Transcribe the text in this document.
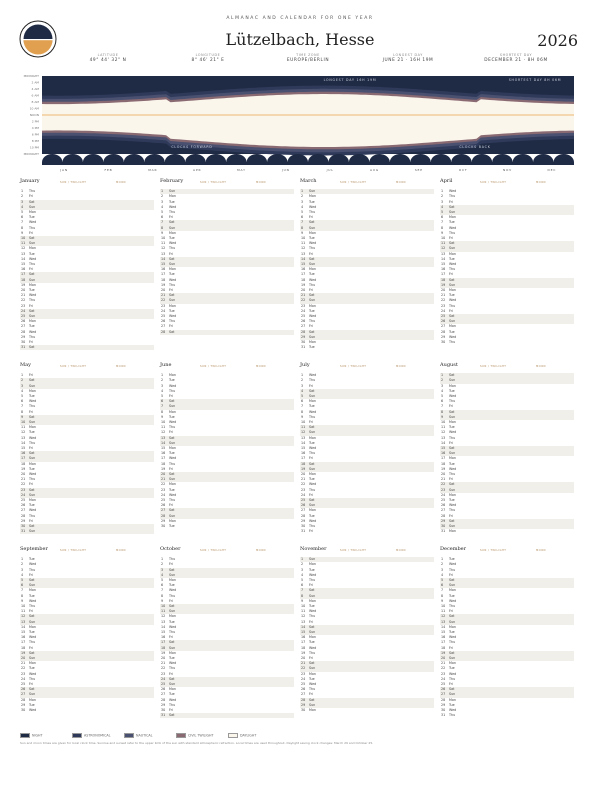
ALMANAC AND CALENDAR FOR ONE YEAR
Lützelbach, Hesse	2026
LATITUDE
49° 44' 32" N
LONGITUDE
8° 46' 21" E
TIME ZONE
EUROPE/BERLIN
LONGEST DAY
JUNE 21 · 16H 19M
SHORTEST DAY
DECEMBER 21 · 8H 06M
MIDNIGHT
2 AM
4 AM
6 AM
8 AM
10 AM
NOON
2 PM
4 PM
6 PM
8 PM
10 PM
MIDNIGHT
JAN	FEB	MAR	APR	MAY	JUN	JUL	AUG	SEP	OCT	NOV	DEC
LONGEST DAY 16H 19M	SHORTEST DAY 8H 06M
CLOCKS FORWARD	CLOCKS BACK
January	SUN / TWILIGHT	MOON
1 Thu
2 Fri
3 Sat
4 Sun
5 Mon
6 Tue
7 Wed
8 Thu
9 Fri
10 Sat
11 Sun
12 Mon
13 Tue
14 Wed
15 Thu
16 Fri
17 Sat
18 Sun
19 Mon
20 Tue
21 Wed
22 Thu
23 Fri
24 Sat
25 Sun
26 Mon
27 Tue
28 Wed
29 Thu
30 Fri
31 Sat
February	SUN / TWILIGHT	MOON
1 Sun
2 Mon
3 Tue
4 Wed
5 Thu
6 Fri
7 Sat
8 Sun
9 Mon
10 Tue
11 Wed
12 Thu
13 Fri
14 Sat
15 Sun
16 Mon
17 Tue
18 Wed
19 Thu
20 Fri
21 Sat
22 Sun
23 Mon
24 Tue
25 Wed
26 Thu
27 Fri
28 Sat
March	SUN / TWILIGHT	MOON
1 Sun
2 Mon
3 Tue
4 Wed
5 Thu
6 Fri
7 Sat
8 Sun
9 Mon
10 Tue
11 Wed
12 Thu
13 Fri
14 Sat
15 Sun
16 Mon
17 Tue
18 Wed
19 Thu
20 Fri
21 Sat
22 Sun
23 Mon
24 Tue
25 Wed
26 Thu
27 Fri
28 Sat
29 Sun
30 Mon
31 Tue
April	SUN / TWILIGHT	MOON
1 Wed
2 Thu
3 Fri
4 Sat
5 Sun
6 Mon
7 Tue
8 Wed
9 Thu
10 Fri
11 Sat
12 Sun
13 Mon
14 Tue
15 Wed
16 Thu
17 Fri
18 Sat
19 Sun
20 Mon
21 Tue
22 Wed
23 Thu
24 Fri
25 Sat
26 Sun
27 Mon
28 Tue
29 Wed
30 Thu
May	SUN / TWILIGHT	MOON
1 Fri
2 Sat
3 Sun
4 Mon
5 Tue
6 Wed
7 Thu
8 Fri
9 Sat
10 Sun
11 Mon
12 Tue
13 Wed
14 Thu
15 Fri
16 Sat
17 Sun
18 Mon
19 Tue
20 Wed
21 Thu
22 Fri
23 Sat
24 Sun
25 Mon
26 Tue
27 Wed
28 Thu
29 Fri
30 Sat
31 Sun
June	SUN / TWILIGHT	MOON
1 Mon
2 Tue
3 Wed
4 Thu
5 Fri
6 Sat
7 Sun
8 Mon
9 Tue
10 Wed
11 Thu
12 Fri
13 Sat
14 Sun
15 Mon
16 Tue
17 Wed
18 Thu
19 Fri
20 Sat
21 Sun
22 Mon
23 Tue
24 Wed
25 Thu
26 Fri
27 Sat
28 Sun
29 Mon
30 Tue
July	SUN / TWILIGHT	MOON
1 Wed
2 Thu
3 Fri
4 Sat
5 Sun
6 Mon
7 Tue
8 Wed
9 Thu
10 Fri
11 Sat
12 Sun
13 Mon
14 Tue
15 Wed
16 Thu
17 Fri
18 Sat
19 Sun
20 Mon
21 Tue
22 Wed
23 Thu
24 Fri
25 Sat
26 Sun
27 Mon
28 Tue
29 Wed
30 Thu
31 Fri
August	SUN / TWILIGHT	MOON
1 Sat
2 Sun
3 Mon
4 Tue
5 Wed
6 Thu
7 Fri
8 Sat
9 Sun
10 Mon
11 Tue
12 Wed
13 Thu
14 Fri
15 Sat
16 Sun
17 Mon
18 Tue
19 Wed
20 Thu
21 Fri
22 Sat
23 Sun
24 Mon
25 Tue
26 Wed
27 Thu
28 Fri
29 Sat
30 Sun
31 Mon
September	SUN / TWILIGHT	MOON
1 Tue
2 Wed
3 Thu
4 Fri
5 Sat
6 Sun
7 Mon
8 Tue
9 Wed
10 Thu
11 Fri
12 Sat
13 Sun
14 Mon
15 Tue
16 Wed
17 Thu
18 Fri
19 Sat
20 Sun
21 Mon
22 Tue
23 Wed
24 Thu
25 Fri
26 Sat
27 Sun
28 Mon
29 Tue
30 Wed
October	SUN / TWILIGHT	MOON
1 Thu
2 Fri
3 Sat
4 Sun
5 Mon
6 Tue
7 Wed
8 Thu
9 Fri
10 Sat
11 Sun
12 Mon
13 Tue
14 Wed
15 Thu
16 Fri
17 Sat
18 Sun
19 Mon
20 Tue
21 Wed
22 Thu
23 Fri
24 Sat
25 Sun
26 Mon
27 Tue
28 Wed
29 Thu
30 Fri
31 Sat
November	SUN / TWILIGHT	MOON
1 Sun
2 Mon
3 Tue
4 Wed
5 Thu
6 Fri
7 Sat
8 Sun
9 Mon
10 Tue
11 Wed
12 Thu
13 Fri
14 Sat
15 Sun
16 Mon
17 Tue
18 Wed
19 Thu
20 Fri
21 Sat
22 Sun
23 Mon
24 Tue
25 Wed
26 Thu
27 Fri
28 Sat
29 Sun
30 Mon
December	SUN / TWILIGHT	MOON
1 Tue
2 Wed
3 Thu
4 Fri
5 Sat
6 Sun
7 Mon
8 Tue
9 Wed
10 Thu
11 Fri
12 Sat
13 Sun
14 Mon
15 Tue
16 Wed
17 Thu
18 Fri
19 Sat
20 Sun
21 Mon
22 Tue
23 Wed
24 Thu
25 Fri
26 Sat
27 Sun
28 Mon
29 Tue
30 Wed
31 Thu
NIGHT	ASTRONOMICAL	NAUTICAL	CIVIL TWILIGHT	DAYLIGHT
Sun and moon times are given for local clock time. Sunrise and sunset refer to the upper limb of the sun with standard atmospheric refraction. Local times are used throughout. Daylight saving clock changes: March 29 and October 25.
